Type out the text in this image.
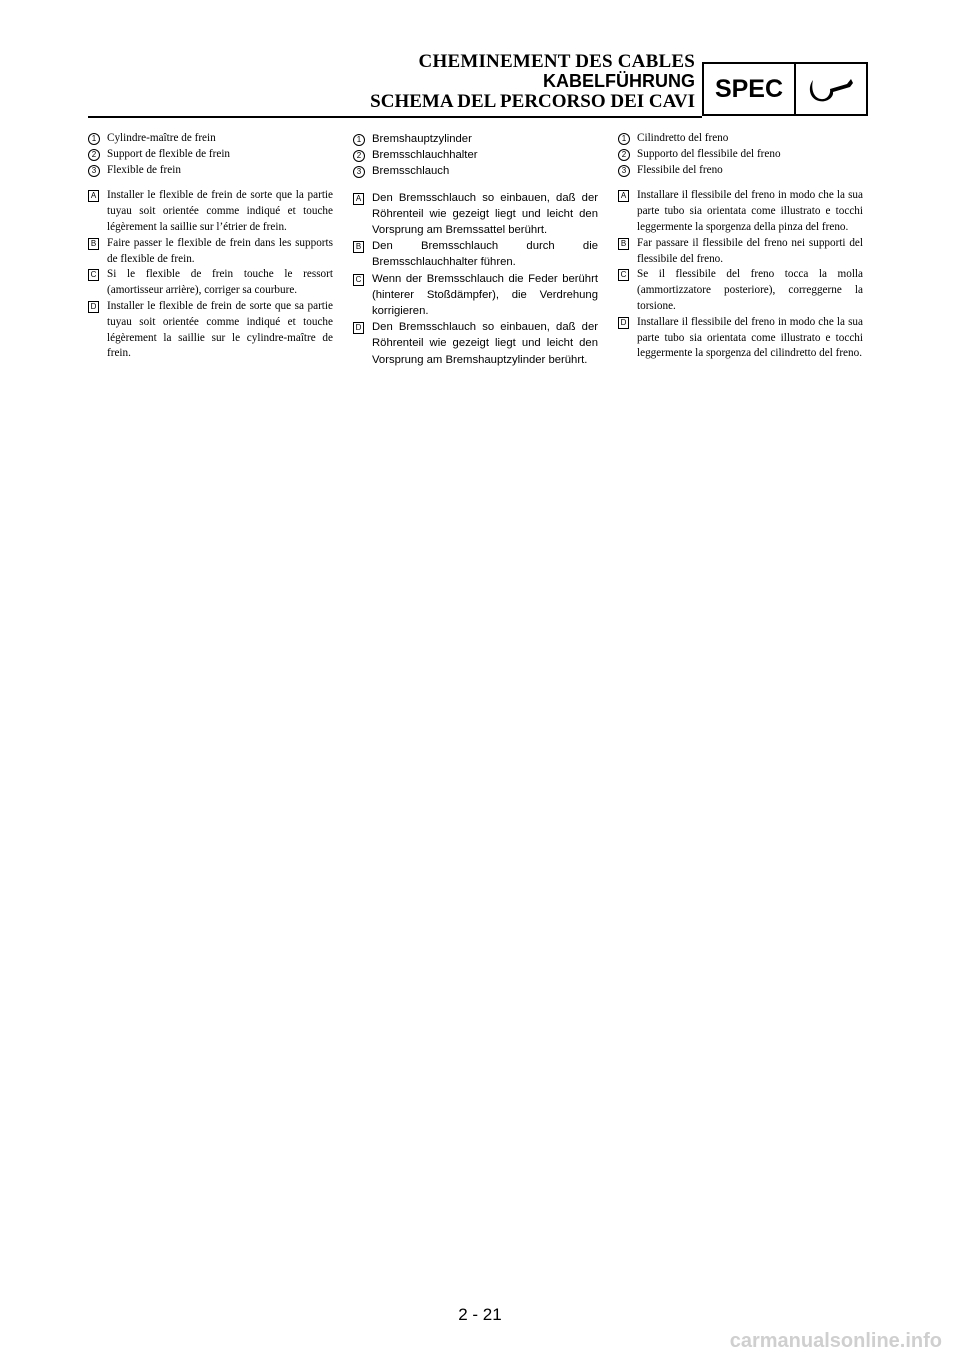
CHEMINEMENT DES CABLES
KABELFÜHRUNG
SCHEMA DEL PERCORSO DEI CAVI SPEC
1 Cylindre-maître de frein
2 Support de flexible de frein
3 Flexible de frein
A Installer le flexible de frein de sorte que la partie tuyau soit orientée comme indiqué et touche légèrement la saillie sur l’étrier de frein.
B Faire passer le flexible de frein dans les supports de flexible de frein.
C Si le flexible de frein touche le ressort (amortisseur arrière), corriger sa courbure.
D Installer le flexible de frein de sorte que sa partie tuyau soit orientée comme indiqué et touche légèrement la saillie sur le cylindre-maître de frein.
1 Bremshauptzylinder
2 Bremsschlauchhalter
3 Bremsschlauch
A Den Bremsschlauch so einbauen, daß der Röhrenteil wie gezeigt liegt und leicht den Vorsprung am Bremssattel berührt.
B Den Bremsschlauch durch die Bremsschlauchhalter führen.
C Wenn der Bremsschlauch die Feder berührt (hinterer Stoßdämpfer), die Verdrehung korrigieren.
D Den Bremsschlauch so einbauen, daß der Röhrenteil wie gezeigt liegt und leicht den Vorsprung am Bremshauptzylinder berührt.
1 Cilindretto del freno
2 Supporto del flessibile del freno
3 Flessibile del freno
A Installare il flessibile del freno in modo che la sua parte tubo sia orientata come illustrato e tocchi leggermente la sporgenza della pinza del freno.
B Far passare il flessibile del freno nei supporti del flessibile del freno.
C Se il flessibile del freno tocca la molla (ammortizzatore posteriore), correggerne la torsione.
D Installare il flessibile del freno in modo che la sua parte tubo sia orientata come illustrato e tocchi leggermente la sporgenza del cilindretto del freno.
2 - 21
carmanualsonline.info
